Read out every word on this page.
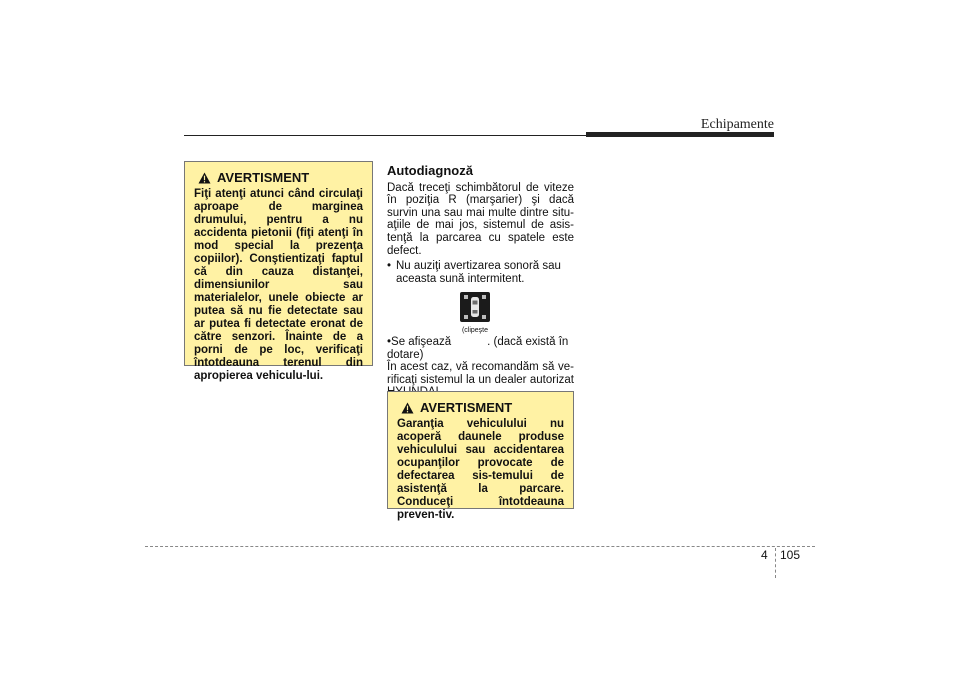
Echipamente
AVERTISMENT
Fiţi atenţi atunci când circulaţi aproape de marginea drumului, pentru a nu accidenta pietonii (fiţi atenţi în mod special la prezenţa copiilor). Conştientizaţi faptul că din cauza distanţei, dimensiunilor sau materialelor, unele obiecte ar putea să nu fie detectate sau ar putea fi detectate eronat de către senzori. Înainte de a porni de pe loc, verificaţi întotdeauna terenul din apropierea vehiculu-lui.
Autodiagnoză

Dacă treceţi schimbătorul de viteze în poziţia R (marşarier) şi dacă survin una sau mai multe dintre situ-aţiile de mai jos, sistemul de asis-tenţă la parcarea cu spatele este defect.

• Nu auziţi avertizarea sonoră sau aceasta sună intermitent.
(clipeşte
•Se afişează	. (dacă există în dotare)

În acest caz, vă recomandăm să ve-rificaţi sistemul la un dealer autorizat

AVERTISMENT
Garanţia vehiculului nu acoperă daunele produse vehiculului sau accidentarea ocupanţilor provocate de defectarea sis-temului de asistenţă la parcare. Conduceţi întotdeauna preven-tiv.
4 105
